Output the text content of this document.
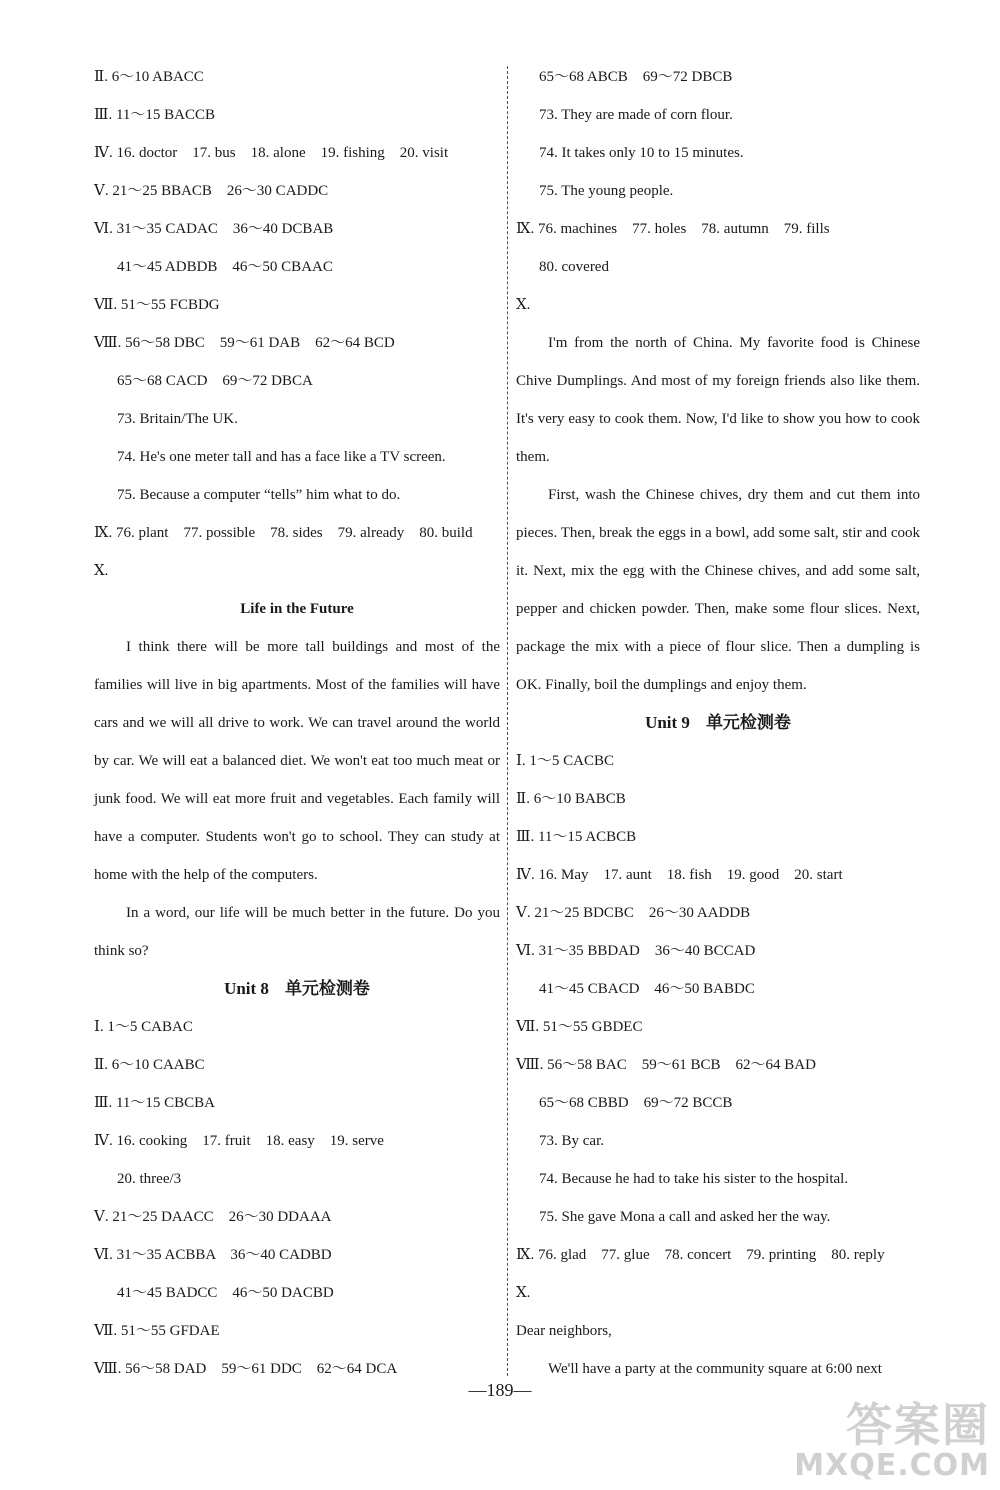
Ⅱ. 6～10 ABACC
Ⅲ. 11～15 BACCB
Ⅳ. 16. doctor　17. bus　18. alone　19. fishing　20. visit
Ⅴ. 21～25 BBACB　26～30 CADDC
Ⅵ. 31～35 CADAC　36～40 DCBAB
41～45 ADBDB　46～50 CBAAC
Ⅶ. 51～55 FCBDG
Ⅷ. 56～58 DBC　59～61 DAB　62～64 BCD
65～68 CACD　69～72 DBCA
73. Britain/The UK.
74. He's one meter tall and has a face like a TV screen.
75. Because a computer “tells” him what to do.
Ⅸ. 76. plant　77. possible　78. sides　79. already　80. build
Ⅹ.
Life in the Future
I think there will be more tall buildings and most of the families will live in big apartments. Most of the families will have cars and we will all drive to work. We can travel around the world by car. We will eat a balanced diet. We won't eat too much meat or junk food. We will eat more fruit and vegetables. Each family will have a computer. Students won't go to school. They can study at home with the help of the computers.
In a word, our life will be much better in the future. Do you think so?
Unit 8 单元检测卷
Ⅰ. 1～5 CABAC
Ⅱ. 6～10 CAABC
Ⅲ. 11～15 CBCBA
Ⅳ. 16. cooking　17. fruit　18. easy　19. serve
20. three/3
Ⅴ. 21～25 DAACC　26～30 DDAAA
Ⅵ. 31～35 ACBBA　36～40 CADBD
41～45 BADCC　46～50 DACBD
Ⅶ. 51～55 GFDAE
Ⅷ. 56～58 DAD　59～61 DDC　62～64 DCA
65～68 ABCB　69～72 DBCB
73. They are made of corn flour.
74. It takes only 10 to 15 minutes.
75. The young people.
Ⅸ. 76. machines　77. holes　78. autumn　79. fills
80. covered
Ⅹ.
I'm from the north of China. My favorite food is Chinese Chive Dumplings. And most of my foreign friends also like them. It's very easy to cook them. Now, I'd like to show you how to cook them.
First, wash the Chinese chives, dry them and cut them into pieces. Then, break the eggs in a bowl, add some salt, stir and cook it. Next, mix the egg with the Chinese chives, and add some salt, pepper and chicken powder. Then, make some flour slices. Next, package the mix with a piece of flour slice. Then a dumpling is OK. Finally, boil the dumplings and enjoy them.
Unit 9 单元检测卷
Ⅰ. 1～5 CACBC
Ⅱ. 6～10 BABCB
Ⅲ. 11～15 ACBCB
Ⅳ. 16. May　17. aunt　18. fish　19. good　20. start
Ⅴ. 21～25 BDCBC　26～30 AADDB
Ⅵ. 31～35 BBDAD　36～40 BCCAD
41～45 CBACD　46～50 BABDC
Ⅶ. 51～55 GBDEC
Ⅷ. 56～58 BAC　59～61 BCB　62～64 BAD
65～68 CBBD　69～72 BCCB
73. By car.
74. Because he had to take his sister to the hospital.
75. She gave Mona a call and asked her the way.
Ⅸ. 76. glad　77. glue　78. concert　79. printing　80. reply
Ⅹ.
Dear neighbors,
We'll have a party at the community square at 6:00 next
—189—
答案圈
MXQE.COM
